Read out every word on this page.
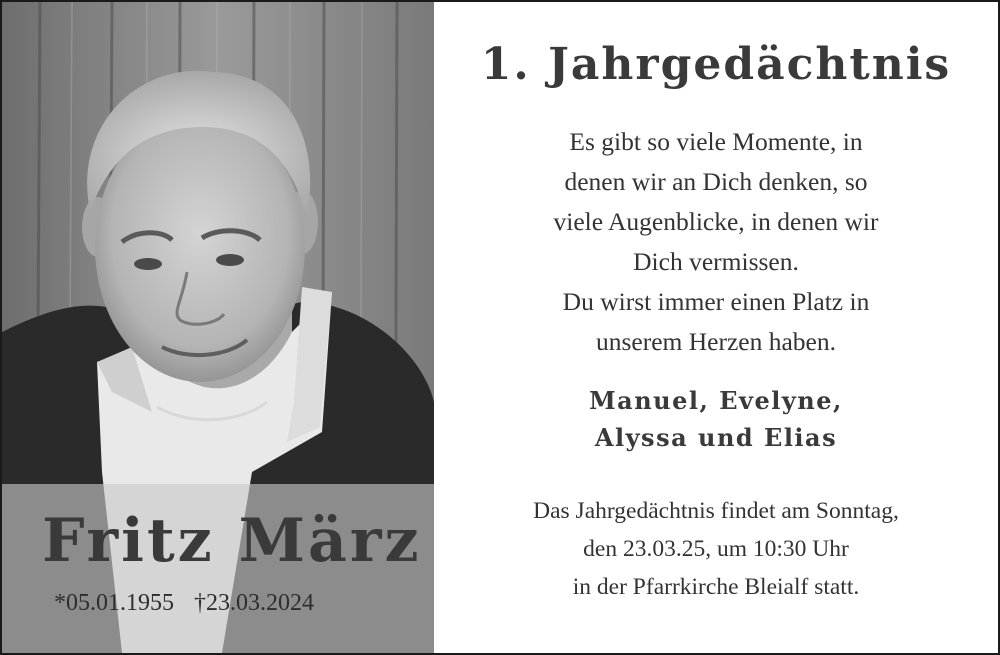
Fritz März
*05.01.1955 †23.03.2024
1. Jahrgedächtnis
Es gibt so viele Momente, in
denen wir an Dich denken, so
viele Augenblicke, in denen wir
Dich vermissen.
Du wirst immer einen Platz in
unserem Herzen haben.
Manuel, Evelyne,
Alyssa und Elias
Das Jahrgedächtnis findet am Sonntag,
den 23.03.25, um 10:30 Uhr
in der Pfarrkirche Bleialf statt.
